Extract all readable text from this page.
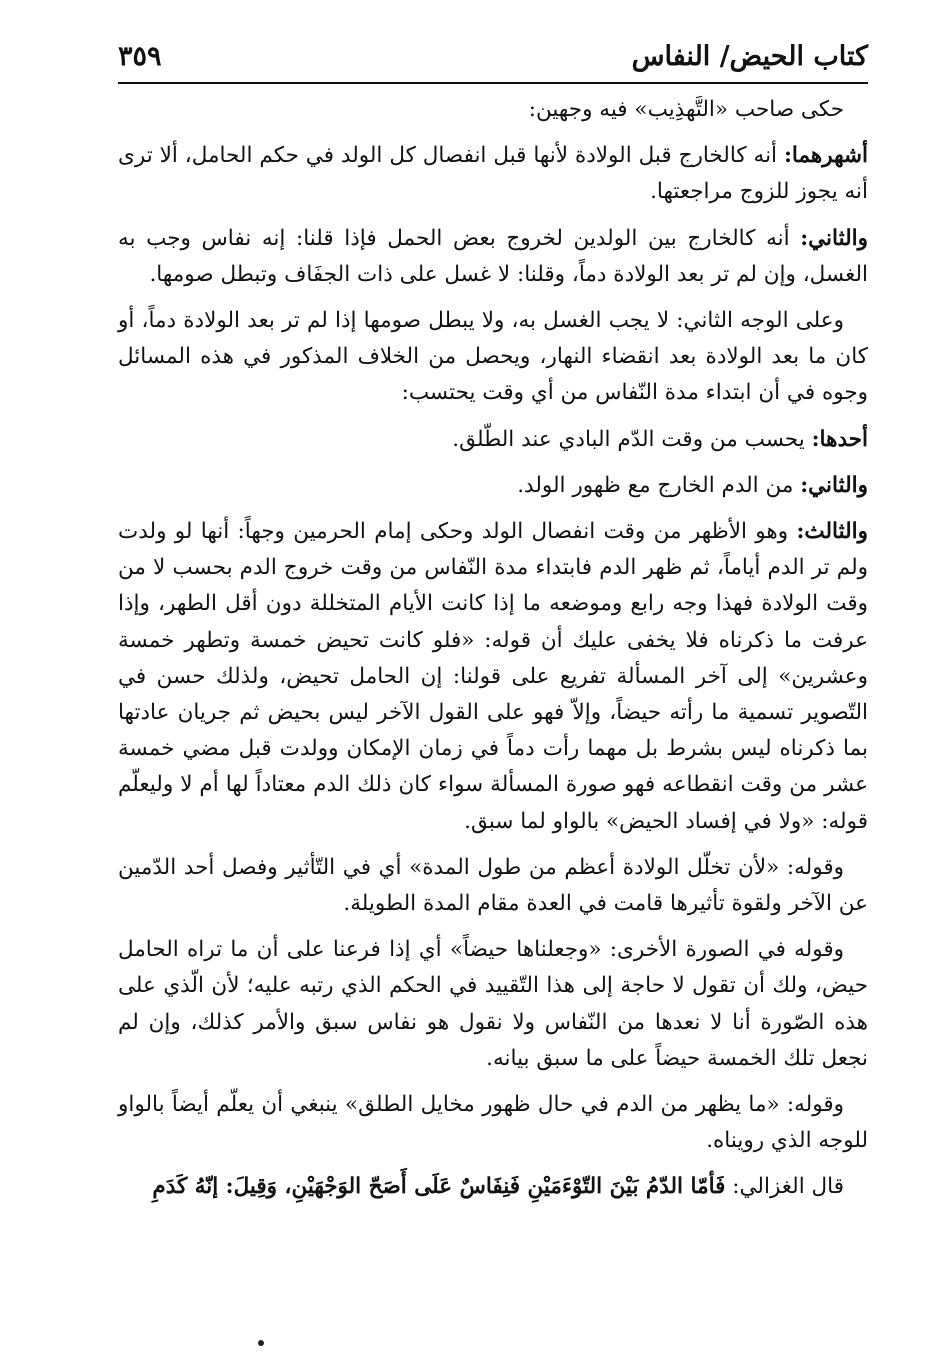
كتاب الحيض/ النفاس
٣٥٩

حكى صاحب «التَّهذِيب» فيه وجهين:

أشهرهما: أنه كالخارج قبل الولادة لأنها قبل انفصال كل الولد في حكم الحامل، ألا ترى أنه يجوز للزوج مراجعتها.

والثاني: أنه كالخارج بين الولدين لخروج بعض الحمل فإذا قلنا: إنه نفاس وجب به الغسل، وإن لم تر بعد الولادة دماً، وقلنا: لا غسل على ذات الجفَاف وتبطل صومها.

وعلى الوجه الثاني: لا يجب الغسل به، ولا يبطل صومها إذا لم تر بعد الولادة دماً، أو كان ما بعد الولادة بعد انقضاء النهار، ويحصل من الخلاف المذكور في هذه المسائل وجوه في أن ابتداء مدة النّفاس من أي وقت يحتسب:

أحدها: يحسب من وقت الدّم البادي عند الطّلق.

والثاني: من الدم الخارج مع ظهور الولد.

والثالث: وهو الأظهر من وقت انفصال الولد وحكى إمام الحرمين وجهاً: أنها لو ولدت ولم تر الدم أياماً، ثم ظهر الدم فابتداء مدة النّفاس من وقت خروج الدم بحسب لا من وقت الولادة فهذا وجه رابع وموضعه ما إذا كانت الأيام المتخللة دون أقل الطهر، وإذا عرفت ما ذكرناه فلا يخفى عليك أن قوله: «فلو كانت تحيض خمسة وتطهر خمسة وعشرين» إلى آخر المسألة تفريع على قولنا: إن الحامل تحيض، ولذلك حسن في التّصوير تسمية ما رأته حيضاً، وإلاّ فهو على القول الآخر ليس بحيض ثم جريان عادتها بما ذكرناه ليس بشرط بل مهما رأت دماً في زمان الإمكان وولدت قبل مضي خمسة عشر من وقت انقطاعه فهو صورة المسألة سواء كان ذلك الدم معتاداً لها أم لا وليعلّم قوله: «ولا في إفساد الحيض» بالواو لما سبق.

وقوله: «لأن تخلّل الولادة أعظم من طول المدة» أي في التّأثير وفصل أحد الدّمين عن الآخر ولقوة تأثيرها قامت في العدة مقام المدة الطويلة.

وقوله في الصورة الأخرى: «وجعلناها حيضاً» أي إذا فرعنا على أن ما تراه الحامل حيض، ولك أن تقول لا حاجة إلى هذا التّقييد في الحكم الذي رتبه عليه؛ لأن الّذي على هذه الصّورة أنا لا نعدها من النّفاس ولا نقول هو نفاس سبق والأمر كذلك، وإن لم نجعل تلك الخمسة حيضاً على ما سبق بيانه.

وقوله: «ما يظهر من الدم في حال ظهور مخايل الطلق» ينبغي أن يعلّم أيضاً بالواو للوجه الذي رويناه.

قال الغزالي: فَأمّا الدّمُ بَيْنَ التّوْءَمَيْنِ فَنِفَاسٌ عَلَى أَصَحّ الوَجْهَيْنِ، وَقِيلَ: إنّهُ كَدَمِ
